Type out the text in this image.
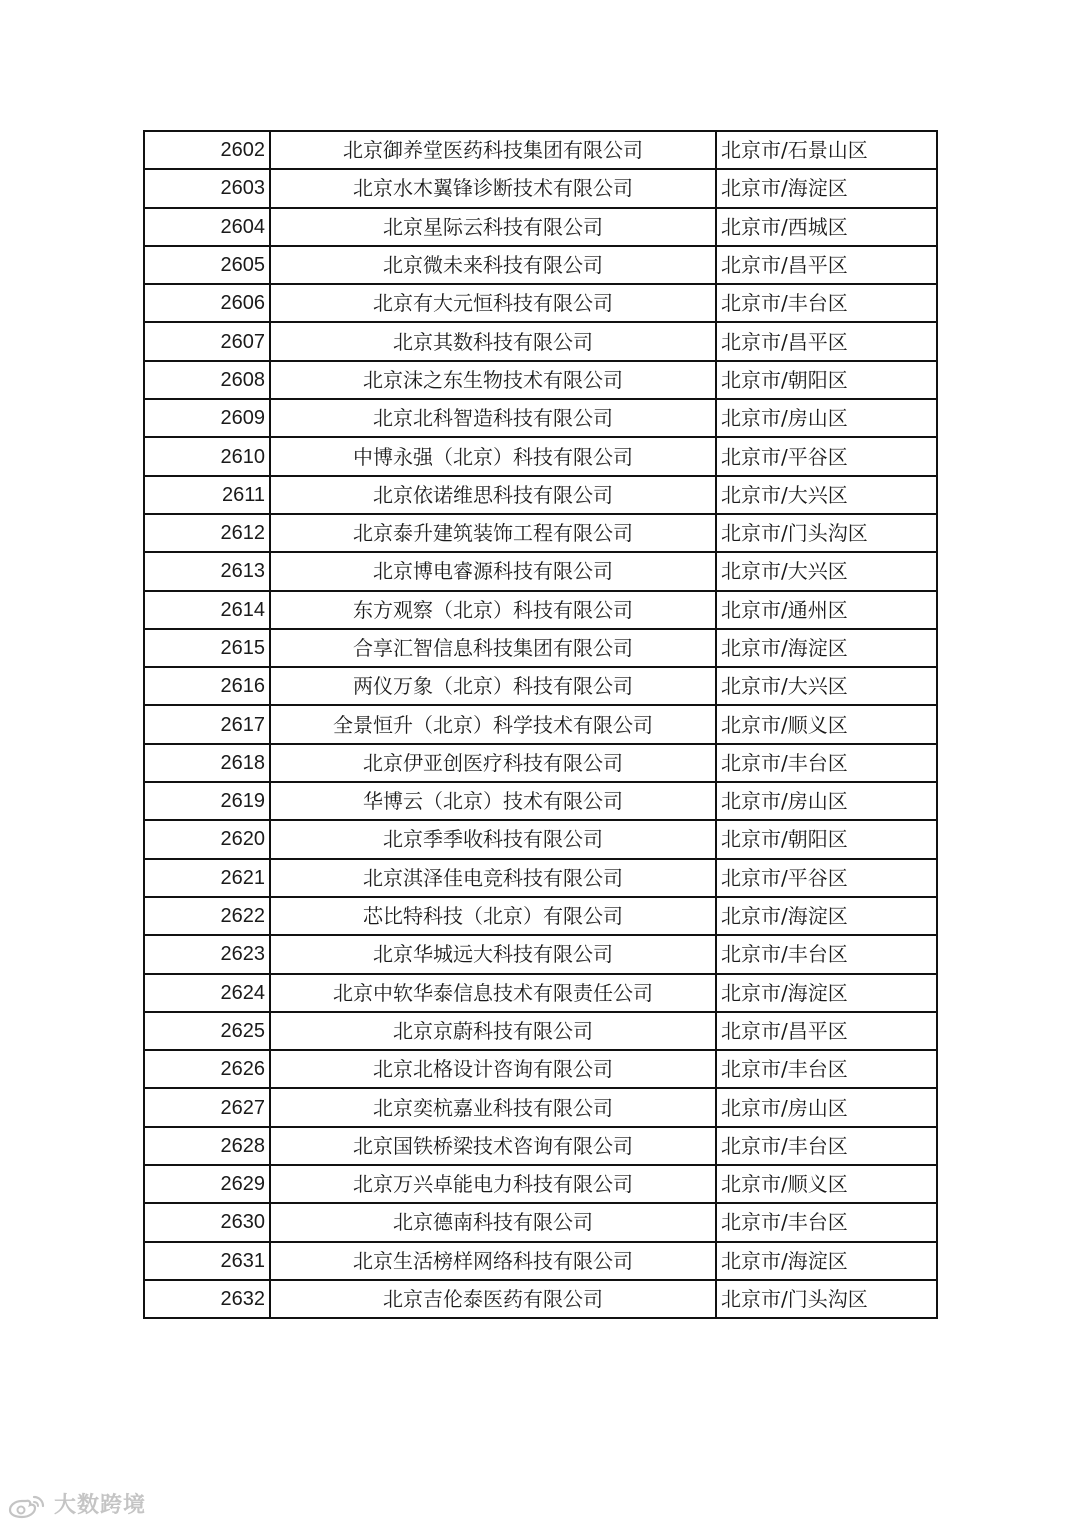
2602	北京御养堂医药科技集团有限公司	北京市/石景山区
2603	北京水木翼锋诊断技术有限公司	北京市/海淀区
2604	北京星际云科技有限公司	北京市/西城区
2605	北京微未来科技有限公司	北京市/昌平区
2606	北京有大元恒科技有限公司	北京市/丰台区
2607	北京其数科技有限公司	北京市/昌平区
2608	北京沫之东生物技术有限公司	北京市/朝阳区
2609	北京北科智造科技有限公司	北京市/房山区
2610	中博永强（北京）科技有限公司	北京市/平谷区
2611	北京依诺维思科技有限公司	北京市/大兴区
2612	北京泰升建筑装饰工程有限公司	北京市/门头沟区
2613	北京博电睿源科技有限公司	北京市/大兴区
2614	东方观察（北京）科技有限公司	北京市/通州区
2615	合享汇智信息科技集团有限公司	北京市/海淀区
2616	两仪万象（北京）科技有限公司	北京市/大兴区
2617	全景恒升（北京）科学技术有限公司	北京市/顺义区
2618	北京伊亚创医疗科技有限公司	北京市/丰台区
2619	华博云（北京）技术有限公司	北京市/房山区
2620	北京季季收科技有限公司	北京市/朝阳区
2621	北京淇泽佳电竞科技有限公司	北京市/平谷区
2622	芯比特科技（北京）有限公司	北京市/海淀区
2623	北京华城远大科技有限公司	北京市/丰台区
2624	北京中软华泰信息技术有限责任公司	北京市/海淀区
2625	北京京蔚科技有限公司	北京市/昌平区
2626	北京北格设计咨询有限公司	北京市/丰台区
2627	北京奕杭嘉业科技有限公司	北京市/房山区
2628	北京国铁桥梁技术咨询有限公司	北京市/丰台区
2629	北京万兴卓能电力科技有限公司	北京市/顺义区
2630	北京德南科技有限公司	北京市/丰台区
2631	北京生活榜样网络科技有限公司	北京市/海淀区
2632	北京吉伦泰医药有限公司	北京市/门头沟区
大数跨境
